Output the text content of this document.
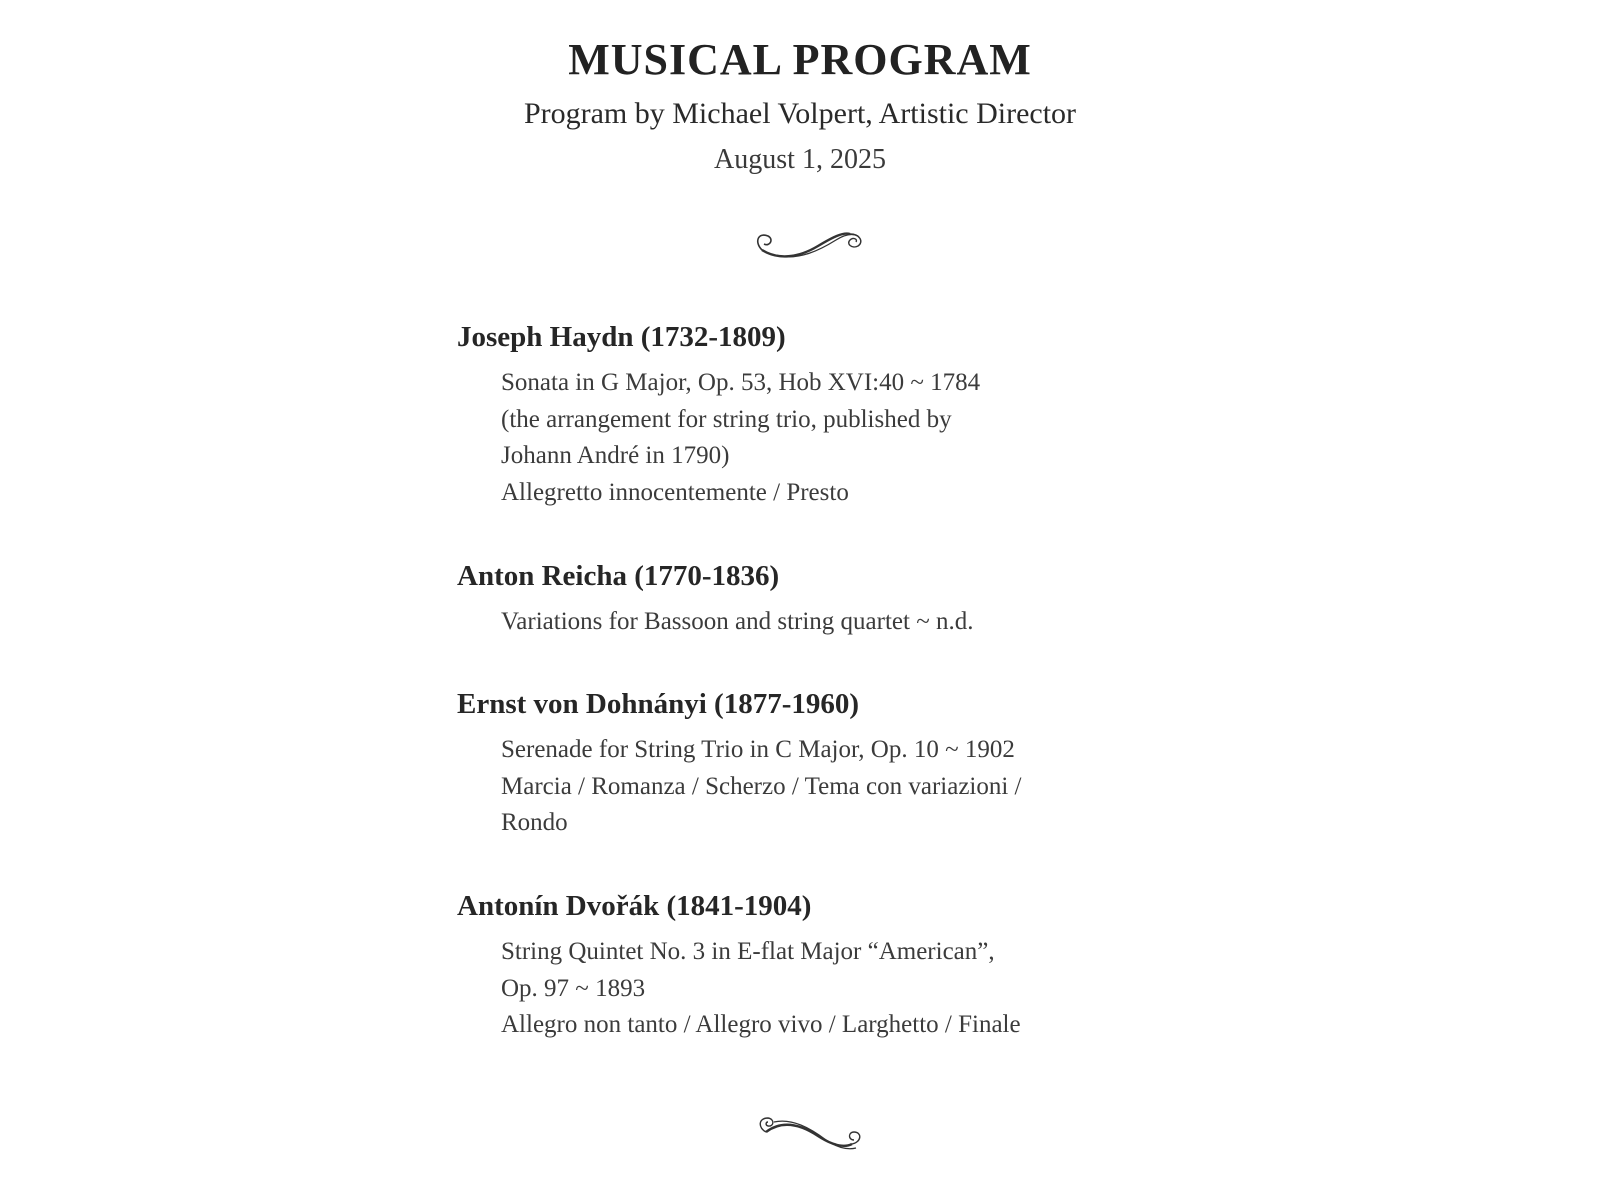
MUSICAL PROGRAM
Program by Michael Volpert, Artistic Director
August 1, 2025
Joseph Haydn (1732-1809)
Sonata in G Major, Op. 53, Hob XVI:40 ~ 1784
(the arrangement for string trio, published by
Johann André in 1790)
Allegretto innocentemente / Presto
Anton Reicha (1770-1836)
Variations for Bassoon and string quartet ~ n.d.
Ernst von Dohnányi (1877-1960)
Serenade for String Trio in C Major, Op. 10 ~ 1902
Marcia / Romanza / Scherzo / Tema con variazioni /
Rondo
Antonín Dvořák (1841-1904)
String Quintet No. 3 in E-flat Major “American”,
Op. 97 ~ 1893
Allegro non tanto / Allegro vivo / Larghetto / Finale
